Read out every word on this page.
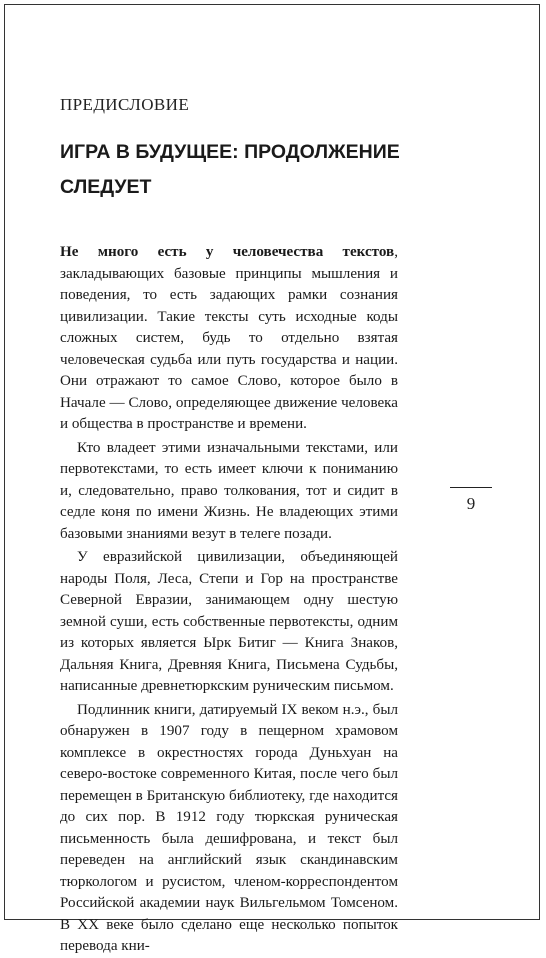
ПРЕДИСЛОВИЕ
ИГРА В БУДУЩЕЕ: ПРОДОЛЖЕНИЕ СЛЕДУЕТ

Не много есть у человечества текстов, закладывающих базовые принципы мышления и поведения, то есть задающих рамки сознания цивилизации. Такие тексты суть исходные коды сложных систем, будь то отдельно взятая человеческая судьба или путь государства и нации. Они отражают то самое Слово, которое было в Начале — Слово, определяющее движение человека и общества в пространстве и времени.

Кто владеет этими изначальными текстами, или первотекстами, то есть имеет ключи к пониманию и, следовательно, право толкования, тот и сидит в седле коня по имени Жизнь. Не владеющих этими базовыми знаниями везут в телеге позади.

У евразийской цивилизации, объединяющей народы Поля, Леса, Степи и Гор на пространстве Северной Евразии, занимающем одну шестую земной суши, есть собственные первотексты, одним из которых является Ырк Битиг — Книга Знаков, Дальняя Книга, Древняя Книга, Письмена Судьбы, написанные древнетюркским руническим письмом.

Подлинник книги, датируемый IX веком н.э., был обнаружен в 1907 году в пещерном храмовом комплексе в окрестностях города Дуньхуан на северо-востоке современного Китая, после чего был перемещен в Британскую библиотеку, где находится до сих пор. В 1912 году тюркская руническая письменность была дешифрована, и текст был переведен на английский язык скандинавским тюркологом и русистом, членом-корреспондентом Российской академии наук Вильгельмом Томсеном. В XX веке было сделано еще несколько попыток перевода кни-

9
